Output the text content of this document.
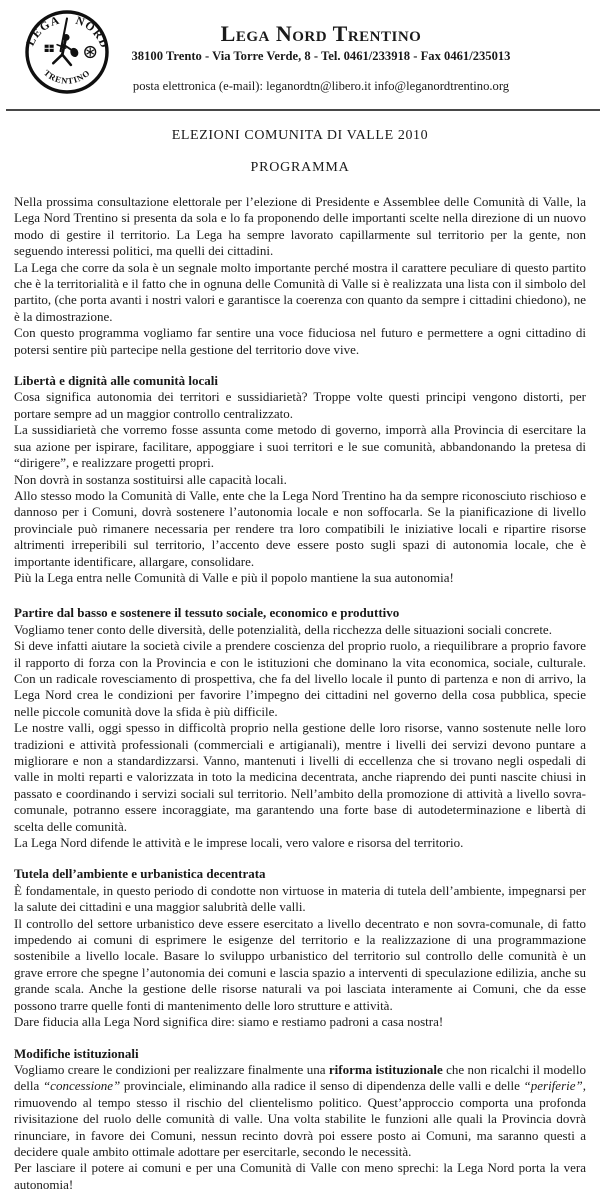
LEGA NORD
TRENTINO
Lega Nord Trentino
38100 Trento - Via Torre Verde, 8 - Tel. 0461/233918 - Fax 0461/235013
posta elettronica (e-mail): leganordtn@libero.it info@leganordtrentino.org
ELEZIONI COMUNITA DI VALLE 2010
PROGRAMMA

Nella prossima consultazione elettorale per l’elezione di Presidente e Assemblee delle Comunità di Valle, la Lega Nord Trentino si presenta da sola e lo fa proponendo delle importanti scelte nella direzione di un nuovo modo di gestire il territorio. La Lega ha sempre lavorato capillarmente sul territorio per la gente, non seguendo interessi politici, ma quelli dei cittadini.

La Lega che corre da sola è un segnale molto importante perché mostra il carattere peculiare di questo partito che è la territorialità e il fatto che in ognuna delle Comunità di Valle si è realizzata una lista con il simbolo del partito, (che porta avanti i nostri valori e garantisce la coerenza con quanto da sempre i cittadini chiedono), ne è la dimostrazione.

Con questo programma vogliamo far sentire una voce fiduciosa nel futuro e permettere a ogni cittadino di potersi sentire più partecipe nella gestione del territorio dove vive.

Libertà e dignità alle comunità locali

Cosa significa autonomia dei territori e sussidiarietà? Troppe volte questi principi vengono distorti, per portare sempre ad un maggior controllo centralizzato.

La sussidiarietà che vorremo fosse assunta come metodo di governo, imporrà alla Provincia di esercitare la sua azione per ispirare, facilitare, appoggiare i suoi territori e le sue comunità, abbandonando la pretesa di “dirigere”, e realizzare progetti propri.

Non dovrà in sostanza sostituirsi alle capacità locali.

Allo stesso modo la Comunità di Valle, ente che la Lega Nord Trentino ha da sempre riconosciuto rischioso e dannoso per i Comuni, dovrà sostenere l’autonomia locale e non soffocarla. Se la pianificazione di livello provinciale può rimanere necessaria per rendere tra loro compatibili le iniziative locali e ripartire risorse altrimenti irreperibili sul territorio, l’accento deve essere posto sugli spazi di autonomia locale, che è importante identificare, allargare, consolidare.

Più la Lega entra nelle Comunità di Valle e più il popolo mantiene la sua autonomia!

Partire dal basso e sostenere il tessuto sociale, economico e produttivo

Vogliamo tener conto delle diversità, delle potenzialità, della ricchezza delle situazioni sociali concrete.

Si deve infatti aiutare la società civile a prendere coscienza del proprio ruolo, a riequilibrare a proprio favore il rapporto di forza con la Provincia e con le istituzioni che dominano la vita economica, sociale, culturale. Con un radicale rovesciamento di prospettiva, che fa del livello locale il punto di partenza e non di arrivo, la Lega Nord crea le condizioni per favorire l’impegno dei cittadini nel governo della cosa pubblica, specie nelle piccole comunità dove la sfida è più difficile.

Le nostre valli, oggi spesso in difficoltà proprio nella gestione delle loro risorse, vanno sostenute nelle loro tradizioni e attività professionali (commerciali e artigianali), mentre i livelli dei servizi devono puntare a migliorare e non a standardizzarsi. Vanno, mantenuti i livelli di eccellenza che si trovano negli ospedali di valle in molti reparti e valorizzata in toto la medicina decentrata, anche riaprendo dei punti nascite chiusi in passato e coordinando i servizi sociali sul territorio. Nell’ambito della promozione di attività a livello sovra-comunale, potranno essere incoraggiate, ma garantendo una forte base di autodeterminazione e libertà di scelta delle comunità.

La Lega Nord difende le attività e le imprese locali, vero valore e risorsa del territorio.

Tutela dell’ambiente e urbanistica decentrata

È fondamentale, in questo periodo di condotte non virtuose in materia di tutela dell’ambiente, impegnarsi per la salute dei cittadini e una maggior salubrità delle valli.

Il controllo del settore urbanistico deve essere esercitato a livello decentrato e non sovra-comunale, di fatto impedendo ai comuni di esprimere le esigenze del territorio e la realizzazione di una programmazione sostenibile a livello locale. Basare lo sviluppo urbanistico del territorio sul controllo delle comunità è un grave errore che spegne l’autonomia dei comuni e lascia spazio a interventi di speculazione edilizia, anche su grande scala. Anche la gestione delle risorse naturali va poi lasciata interamente ai Comuni, che da esse possono trarre quelle fonti di mantenimento delle loro strutture e attività.

Dare fiducia alla Lega Nord significa dire: siamo e restiamo padroni a casa nostra!

Modifiche istituzionali

Vogliamo creare le condizioni per realizzare finalmente una riforma istituzionale che non ricalchi il modello della “concessione” provinciale, eliminando alla radice il senso di dipendenza delle valli e delle “periferie”, rimuovendo al tempo stesso il rischio del clientelismo politico. Quest’approccio comporta una profonda rivisitazione del ruolo delle comunità di valle. Una volta stabilite le funzioni alle quali la Provincia dovrà rinunciare, in favore dei Comuni, nessun recinto dovrà poi essere posto ai Comuni, ma saranno questi a decidere quale ambito ottimale adottare per esercitarle, secondo le necessità.

Per lasciare il potere ai comuni e per una Comunità di Valle con meno sprechi: la Lega Nord porta la vera autonomia!
